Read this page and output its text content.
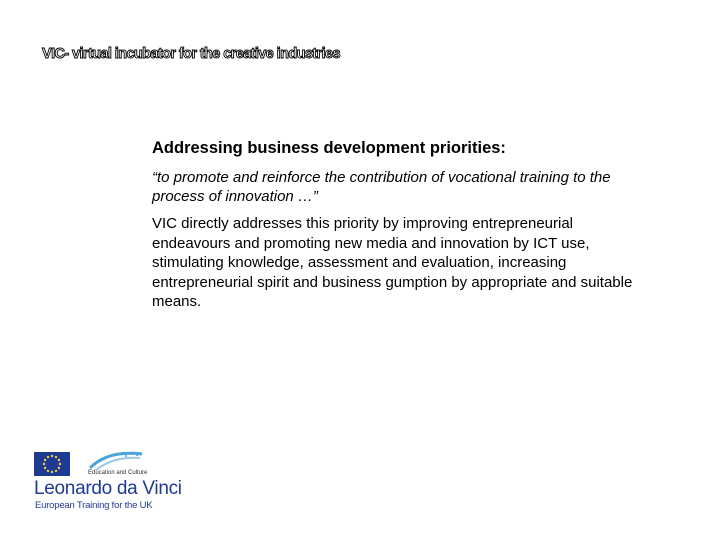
VIC- virtual incubator for the creative industries

Addressing business development priorities:

“to promote and reinforce the contribution of vocational training to the process of innovation …”

VIC directly addresses this priority by improving entrepreneurial endeavours and promoting new media and innovation by ICT use, stimulating knowledge, assessment and evaluation, increasing entrepreneurial spirit and business gumption by appropriate and suitable means.

Education and Culture
Leonardo da Vinci
European Training for the UK
